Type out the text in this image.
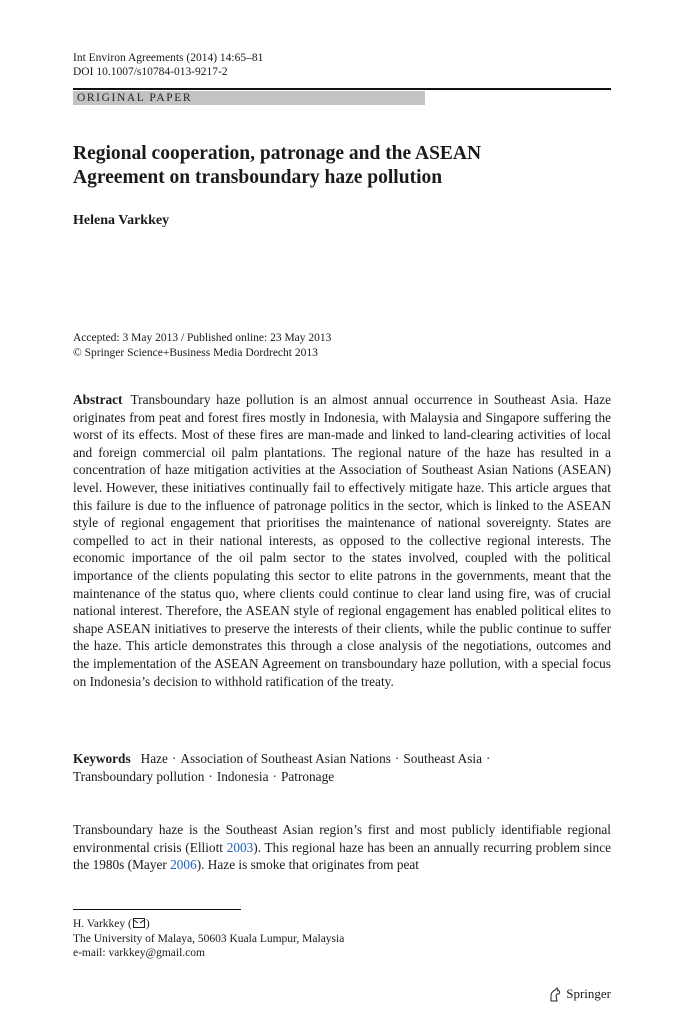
Int Environ Agreements (2014) 14:65–81
DOI 10.1007/s10784-013-9217-2
ORIGINAL PAPER
Regional cooperation, patronage and the ASEAN
Agreement on transboundary haze pollution
Helena Varkkey
Accepted: 3 May 2013 / Published online: 23 May 2013
© Springer Science+Business Media Dordrecht 2013
Abstract Transboundary haze pollution is an almost annual occurrence in Southeast Asia. Haze originates from peat and forest fires mostly in Indonesia, with Malaysia and Singapore suffering the worst of its effects. Most of these fires are man-made and linked to land-clearing activities of local and foreign commercial oil palm plantations. The regional nature of the haze has resulted in a concentration of haze mitigation activities at the Association of Southeast Asian Nations (ASEAN) level. However, these initiatives continually fail to effectively mitigate haze. This article argues that this failure is due to the influence of patronage politics in the sector, which is linked to the ASEAN style of regional engagement that prioritises the maintenance of national sovereignty. States are compelled to act in their national interests, as opposed to the collective regional interests. The economic importance of the oil palm sector to the states involved, coupled with the political importance of the clients populating this sector to elite patrons in the governments, meant that the maintenance of the status quo, where clients could continue to clear land using fire, was of crucial national interest. Therefore, the ASEAN style of regional engagement has enabled political elites to shape ASEAN initiatives to preserve the interests of their clients, while the public continue to suffer the haze. This article demonstrates this through a close analysis of the negotiations, outcomes and the implementation of the ASEAN Agreement on transboundary haze pollution, with a special focus on Indonesia’s decision to withhold ratification of the treaty.
Keywords Haze · Association of Southeast Asian Nations · Southeast Asia ·
Transboundary pollution · Indonesia · Patronage
Transboundary haze is the Southeast Asian region’s first and most publicly identifiable regional environmental crisis (Elliott 2003). This regional haze has been an annually recurring problem since the 1980s (Mayer 2006). Haze is smoke that originates from peat
H. Varkkey ( )
The University of Malaya, 50603 Kuala Lumpur, Malaysia
e-mail: varkkey@gmail.com
Springer
